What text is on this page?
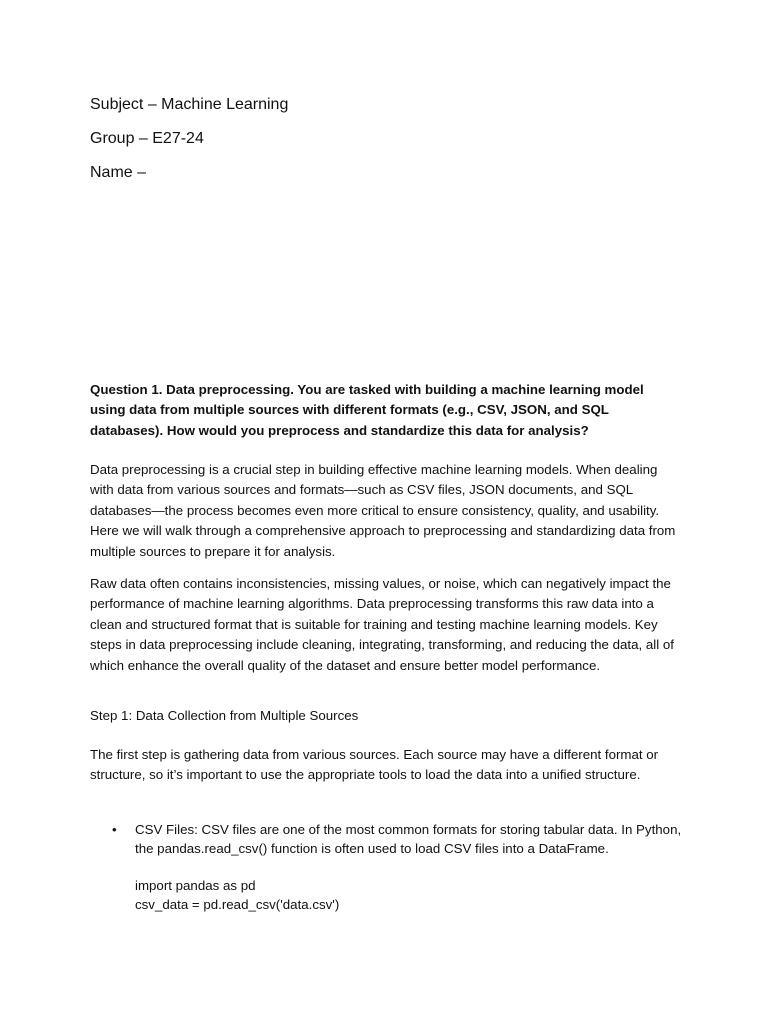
Subject – Machine Learning
Group – E27-24
Name –

Question 1. Data preprocessing. You are tasked with building a machine learning model using data from multiple sources with different formats (e.g., CSV, JSON, and SQL databases). How would you preprocess and standardize this data for analysis?

Data preprocessing is a crucial step in building effective machine learning models. When dealing with data from various sources and formats—such as CSV files, JSON documents, and SQL databases—the process becomes even more critical to ensure consistency, quality, and usability. Here we will walk through a comprehensive approach to preprocessing and standardizing data from multiple sources to prepare it for analysis.

Raw data often contains inconsistencies, missing values, or noise, which can negatively impact the performance of machine learning algorithms. Data preprocessing transforms this raw data into a clean and structured format that is suitable for training and testing machine learning models. Key steps in data preprocessing include cleaning, integrating, transforming, and reducing the data, all of which enhance the overall quality of the dataset and ensure better model performance.

Step 1: Data Collection from Multiple Sources

The first step is gathering data from various sources. Each source may have a different format or structure, so it’s important to use the appropriate tools to load the data into a unified structure.

• CSV Files: CSV files are one of the most common formats for storing tabular data. In Python, the pandas.read_csv() function is often used to load CSV files into a DataFrame.
import pandas as pd
csv_data = pd.read_csv('data.csv')
